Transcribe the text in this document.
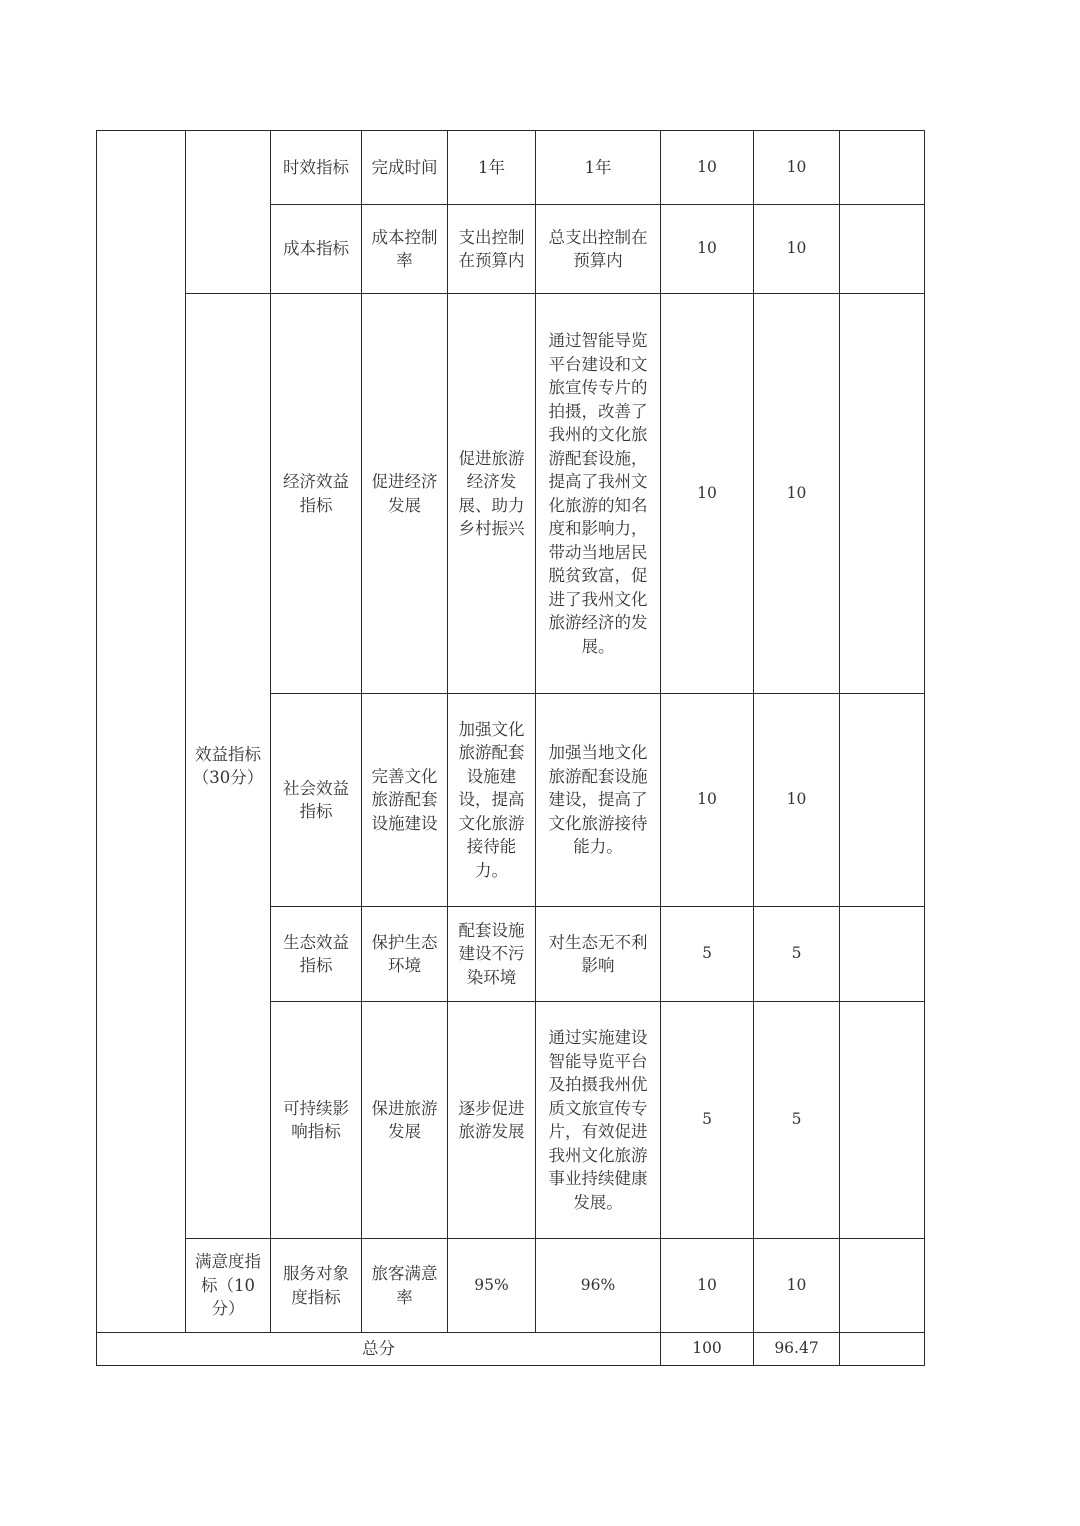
		时效指标	完成时间	1年	1年	10	10	
		成本指标	成本控制率	支出控制在预算内	总支出控制在预算内	10	10	
	效益指标（30分）	经济效益指标	促进经济发展	促进旅游经济发展、助力乡村振兴	通过智能导览平台建设和文旅宣传专片的拍摄，改善了我州的文化旅游配套设施，提高了我州文化旅游的知名度和影响力，带动当地居民脱贫致富，促进了我州文化旅游经济的发展。	10	10	
		社会效益指标	完善文化旅游配套设施建设	加强文化旅游配套设施建设，提高文化旅游接待能力。	加强当地文化旅游配套设施建设，提高了文化旅游接待能力。	10	10	
		生态效益指标	保护生态环境	配套设施建设不污染环境	对生态无不利影响	5	5	
		可持续影响指标	保进旅游发展	逐步促进旅游发展	通过实施建设智能导览平台及拍摄我州优质文旅宣传专片，有效促进我州文化旅游事业持续健康发展。	5	5	
	满意度指标（10分）	服务对象度指标	旅客满意率	95%	96%	10	10	
总分						100	96.47	
